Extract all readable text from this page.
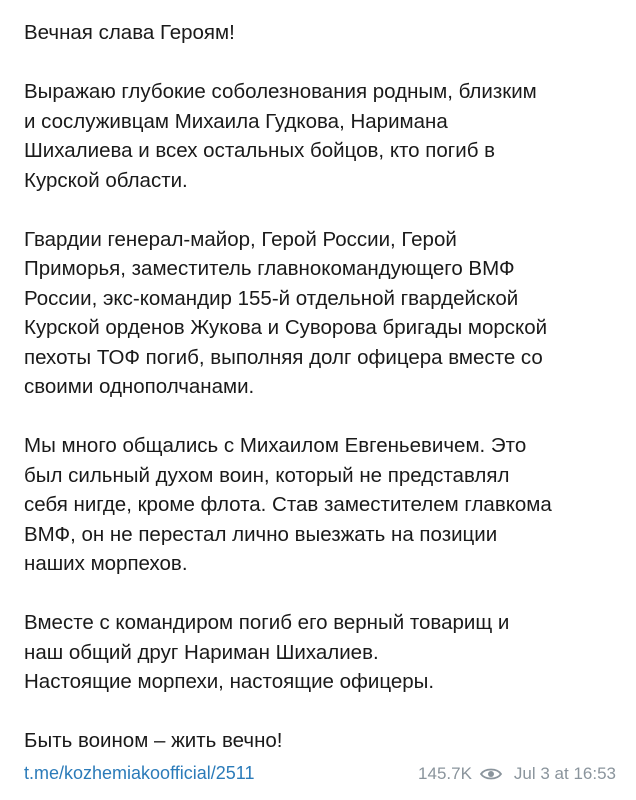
Вечная слава Героям!

Выражаю глубокие соболезнования родным, близким
и сослуживцам Михаила Гудкова, Наримана
Шихалиева и всех остальных бойцов, кто погиб в
Курской области.

Гвардии генерал-майор, Герой России, Герой
Приморья, заместитель главнокомандующего ВМФ
России, экс-командир 155-й отдельной гвардейской
Курской орденов Жукова и Суворова бригады морской
пехоты ТОФ погиб, выполняя долг офицера вместе со
своими однополчанами.

Мы много общались с Михаилом Евгеньевичем. Это
был сильный духом воин, который не представлял
себя нигде, кроме флота. Став заместителем главкома
ВМФ, он не перестал лично выезжать на позиции
наших морпехов.

Вместе с командиром погиб его верный товарищ и
наш общий друг Нариман Шихалиев.
Настоящие морпехи, настоящие офицеры.

Быть воином – жить вечно!

t.me/kozhemiakoofficial/2511	145.7K Jul 3 at 16:53
